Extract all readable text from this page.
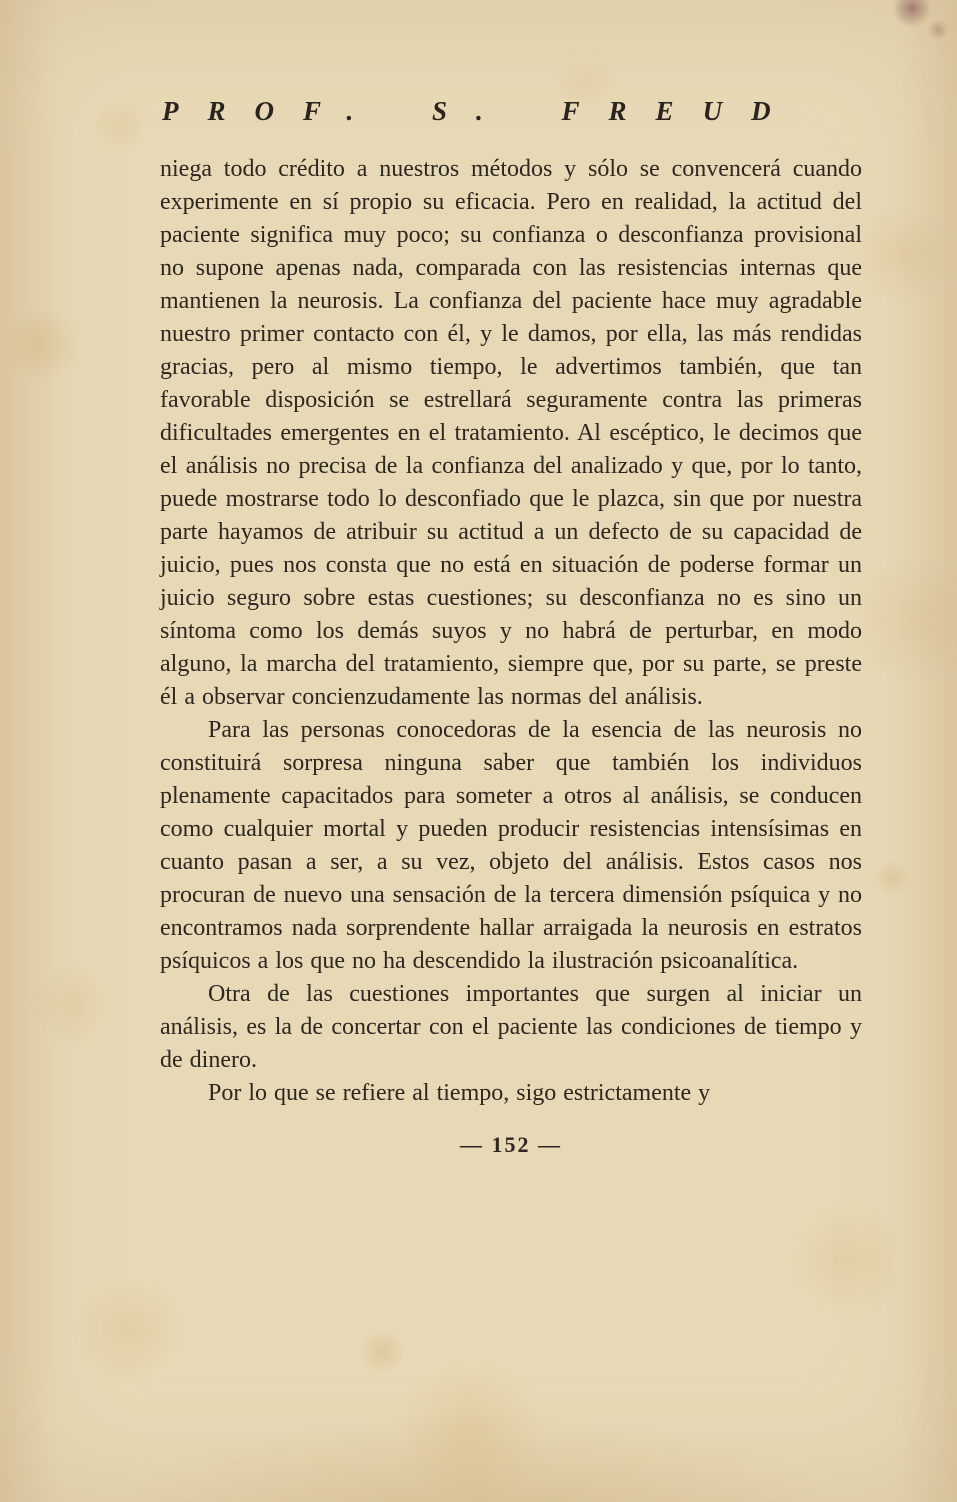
PROF. S. FREUD

niega todo crédito a nuestros métodos y sólo se convencerá cuando experimente en sí propio su eficacia. Pero en realidad, la actitud del paciente significa muy poco; su confianza o desconfianza provisional no supone apenas nada, comparada con las resistencias internas que mantienen la neurosis. La confianza del paciente hace muy agradable nuestro primer contacto con él, y le damos, por ella, las más rendidas gracias, pero al mismo tiempo, le advertimos también, que tan favorable disposición se estrellará seguramente contra las primeras dificultades emergentes en el tratamiento. Al escéptico, le decimos que el análisis no precisa de la confianza del analizado y que, por lo tanto, puede mostrarse todo lo desconfiado que le plazca, sin que por nuestra parte hayamos de atribuir su actitud a un defecto de su capacidad de juicio, pues nos consta que no está en situación de poderse formar un juicio seguro sobre estas cuestiones; su desconfianza no es sino un síntoma como los demás suyos y no habrá de perturbar, en modo alguno, la marcha del tratamiento, siempre que, por su parte, se preste él a observar concienzudamente las normas del análisis.

Para las personas conocedoras de la esencia de las neurosis no constituirá sorpresa ninguna saber que también los individuos plenamente capacitados para someter a otros al análisis, se conducen como cualquier mortal y pueden producir resistencias intensísimas en cuanto pasan a ser, a su vez, objeto del análisis. Estos casos nos procuran de nuevo una sensación de la tercera dimensión psíquica y no encontramos nada sorprendente hallar arraigada la neurosis en estratos psíquicos a los que no ha descendido la ilustración psicoanalítica.

Otra de las cuestiones importantes que surgen al iniciar un análisis, es la de concertar con el paciente las condiciones de tiempo y de dinero.

Por lo que se refiere al tiempo, sigo estrictamente y

— 152 —
